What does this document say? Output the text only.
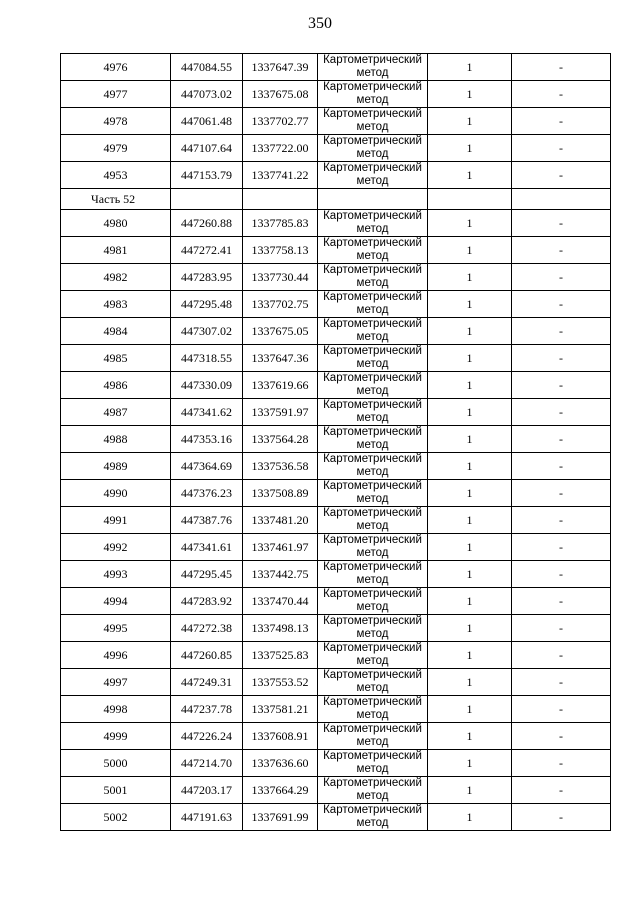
350
4976	447084.55	1337647.39	Картометрический метод	1	-
4977	447073.02	1337675.08	Картометрический метод	1	-
4978	447061.48	1337702.77	Картометрический метод	1	-
4979	447107.64	1337722.00	Картометрический метод	1	-
4953	447153.79	1337741.22	Картометрический метод	1	-
Часть 52					
4980	447260.88	1337785.83	Картометрический метод	1	-
4981	447272.41	1337758.13	Картометрический метод	1	-
4982	447283.95	1337730.44	Картометрический метод	1	-
4983	447295.48	1337702.75	Картометрический метод	1	-
4984	447307.02	1337675.05	Картометрический метод	1	-
4985	447318.55	1337647.36	Картометрический метод	1	-
4986	447330.09	1337619.66	Картометрический метод	1	-
4987	447341.62	1337591.97	Картометрический метод	1	-
4988	447353.16	1337564.28	Картометрический метод	1	-
4989	447364.69	1337536.58	Картометрический метод	1	-
4990	447376.23	1337508.89	Картометрический метод	1	-
4991	447387.76	1337481.20	Картометрический метод	1	-
4992	447341.61	1337461.97	Картометрический метод	1	-
4993	447295.45	1337442.75	Картометрический метод	1	-
4994	447283.92	1337470.44	Картометрический метод	1	-
4995	447272.38	1337498.13	Картометрический метод	1	-
4996	447260.85	1337525.83	Картометрический метод	1	-
4997	447249.31	1337553.52	Картометрический метод	1	-
4998	447237.78	1337581.21	Картометрический метод	1	-
4999	447226.24	1337608.91	Картометрический метод	1	-
5000	447214.70	1337636.60	Картометрический метод	1	-
5001	447203.17	1337664.29	Картометрический метод	1	-
5002	447191.63	1337691.99	Картометрический метод	1	-
